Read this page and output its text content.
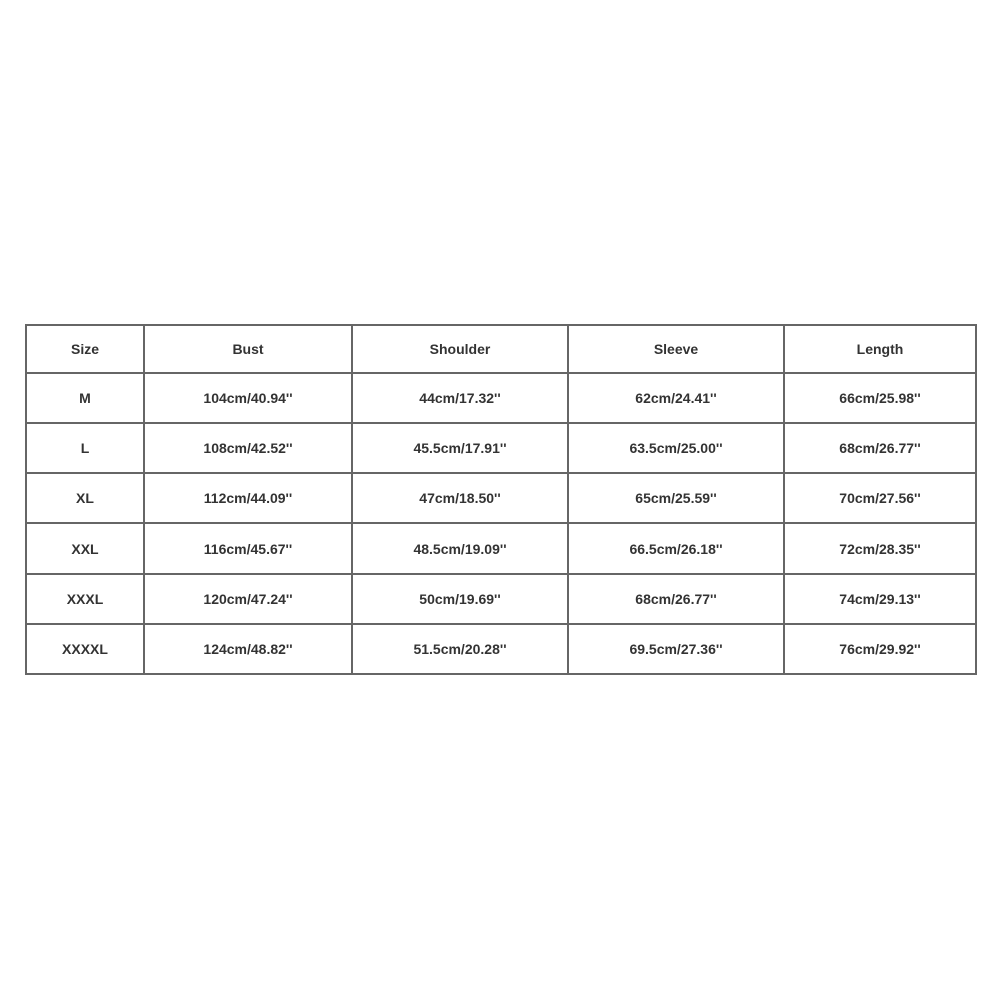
Size	Bust	Shoulder	Sleeve	Length
M	104cm/40.94''	44cm/17.32''	62cm/24.41''	66cm/25.98''
L	108cm/42.52''	45.5cm/17.91''	63.5cm/25.00''	68cm/26.77''
XL	112cm/44.09''	47cm/18.50''	65cm/25.59''	70cm/27.56''
XXL	116cm/45.67''	48.5cm/19.09''	66.5cm/26.18''	72cm/28.35''
XXXL	120cm/47.24''	50cm/19.69''	68cm/26.77''	74cm/29.13''
XXXXL	124cm/48.82''	51.5cm/20.28''	69.5cm/27.36''	76cm/29.92''
